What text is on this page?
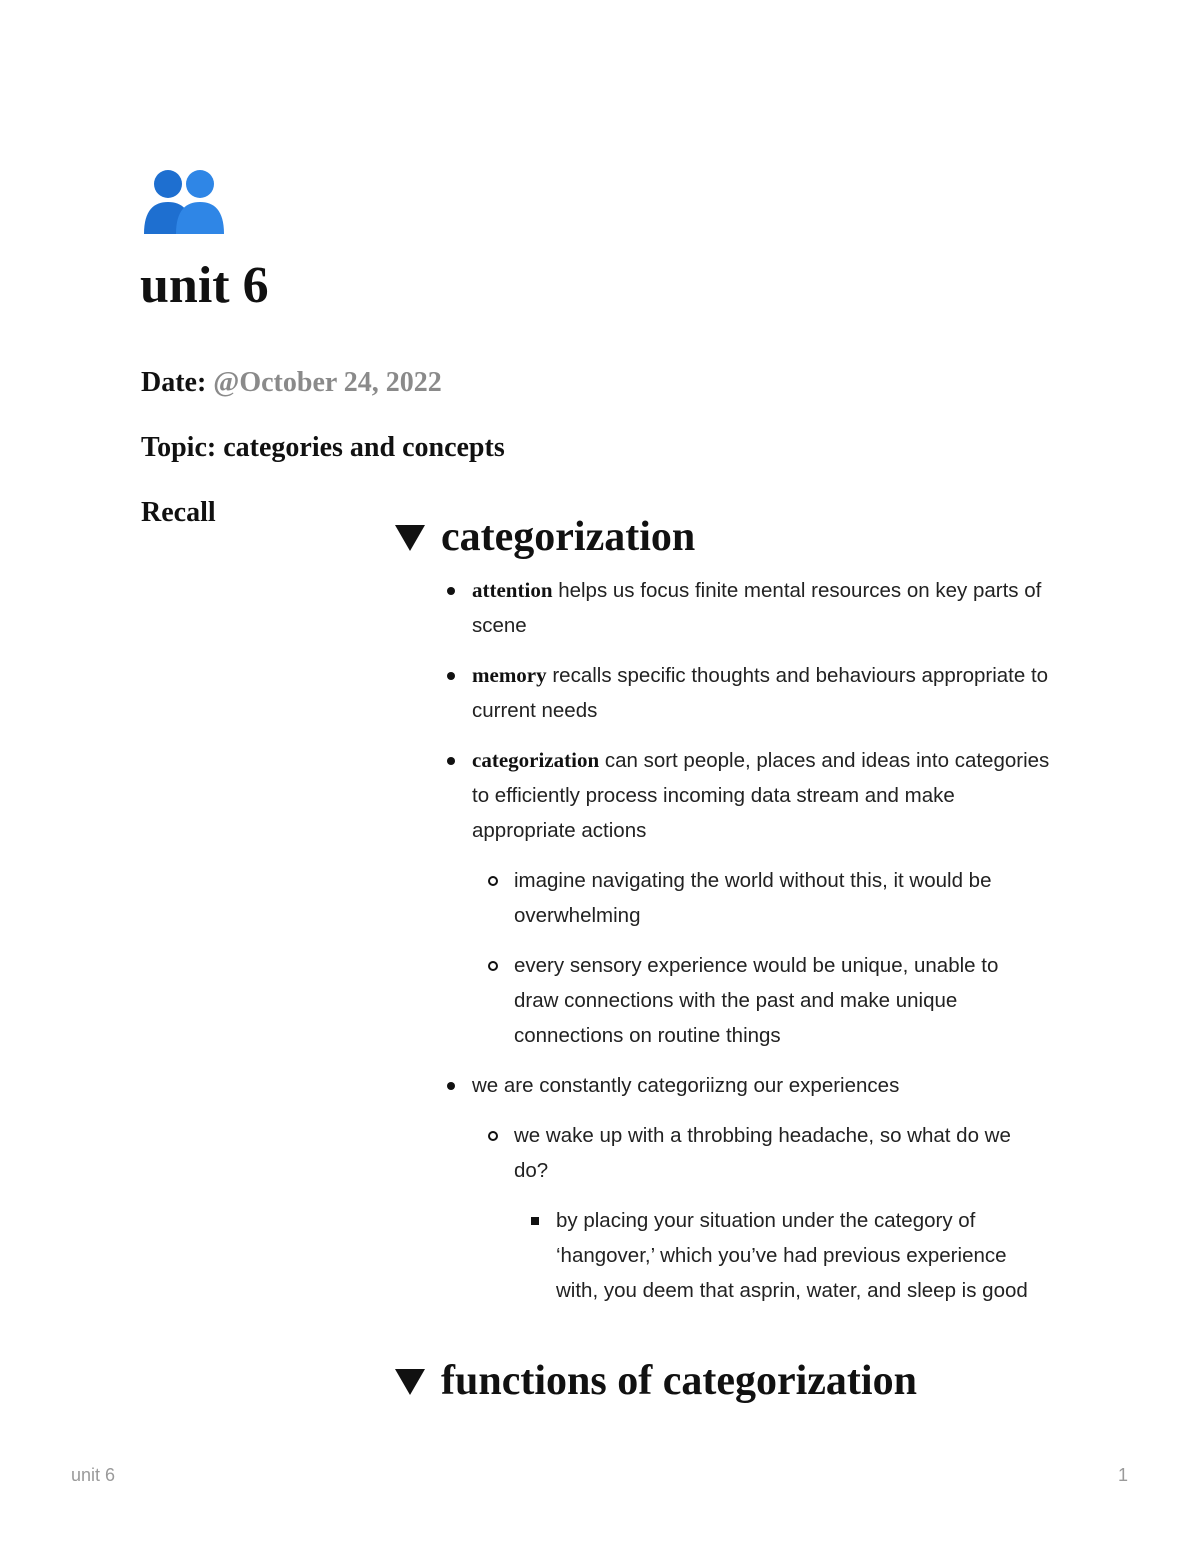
unit 6
Date: @October 24, 2022
Topic: categories and concepts
Recall
categorization
attention helps us focus finite mental resources on key parts of scene
memory recalls specific thoughts and behaviours appropriate to current needs
categorization can sort people, places and ideas into categories to efficiently process incoming data stream and make appropriate actions
imagine navigating the world without this, it would be overwhelming
every sensory experience would be unique, unable to draw connections with the past and make unique connections on routine things
we are constantly categoriizng our experiences
we wake up with a throbbing headache, so what do we do?
by placing your situation under the category of ‘hangover,’ which you’ve had previous experience with, you deem that asprin, water, and sleep is good
functions of categorization
unit 6	1
